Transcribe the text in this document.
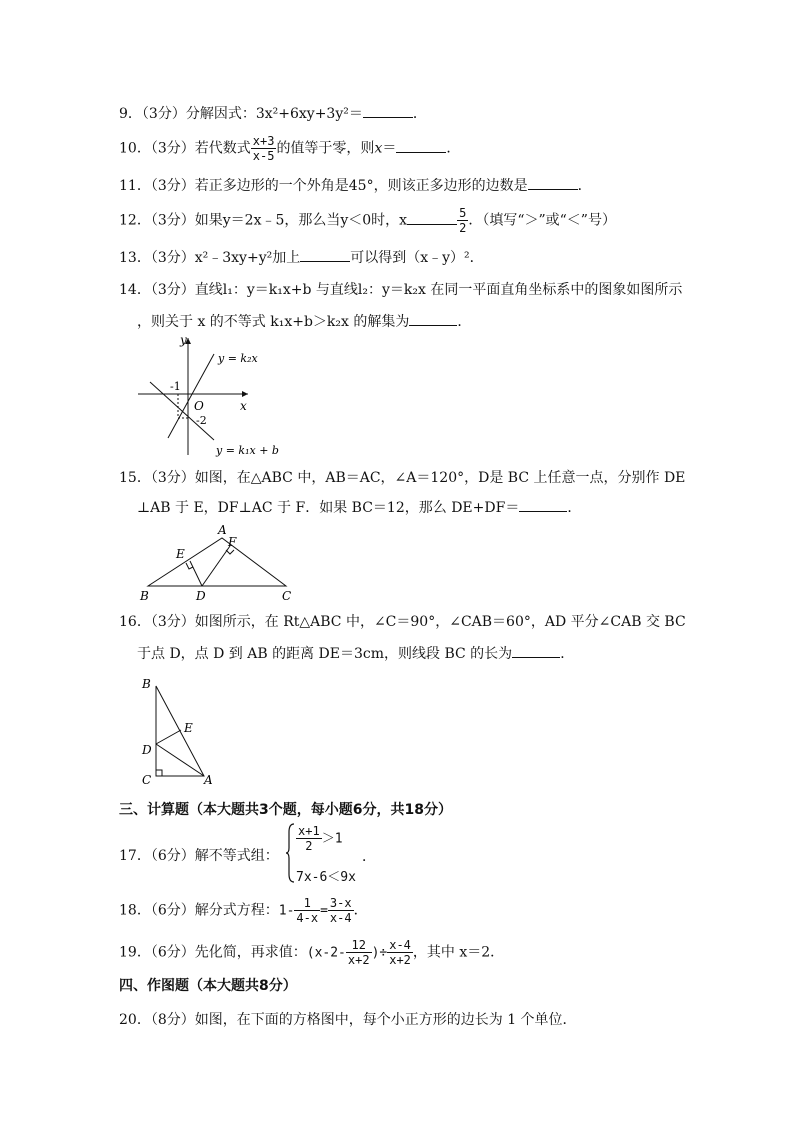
9．（3分）分解因式：3x²+6xy+3y²＝	．
10．（3分）若代数式 $\frac{x+3}{x-5}$ 的值等于零，则x＝	．
11．（3分）若正多边形的一个外角是45°，则该正多边形的边数是	．
12．（3分）如果y＝2x﹣5，那么当y＜0时，x	$\frac{5}{2}$ ．（填写“＞”或“＜”号）
13．（3分）x²﹣3xy+y²加上	可以得到（x﹣y）²．
14．（3分）直线l₁：y＝k₁x+b 与直线l₂：y＝k₂x 在同一平面直角坐标系中的图象如图所示
，则关于 x 的不等式 k₁x+b＞k₂x 的解集为	．
y
x
O
-1
-2
y = k₂x
y = k₁x + b
15．（3分）如图，在△ABC 中，AB＝AC，∠A＝120°，D是 BC 上任意一点，分别作 DE
⊥AB 于 E，DF⊥AC 于 F．如果 BC＝12，那么 DE+DF＝	．
A
B	C
D
E
F
16．（3分）如图所示，在 Rt△ABC 中，∠C＝90°，∠CAB＝60°，AD 平分∠CAB 交 BC
于点 D，点 D 到 AB 的距离 DE＝3cm，则线段 BC 的长为	．
B
D
C	A
E
三、计算题（本大题共3个题，每小题6分，共18分）
17．（6分）解不等式组：
$\frac{x+1}{2} >1$
7x-6＜9x
．
18．（6分）解分式方程：$1- \frac{1}{4-x} = \frac{3-x}{x-4}$ ．
19．（6分）先化简，再求值：($x-2- \frac{12}{x+2}$ )÷ $\frac{x-4}{x+2}$ ，其中 x＝2．
四、作图题（本大题共8分）
20．（8分）如图，在下面的方格图中，每个小正方形的边长为 1 个单位．
